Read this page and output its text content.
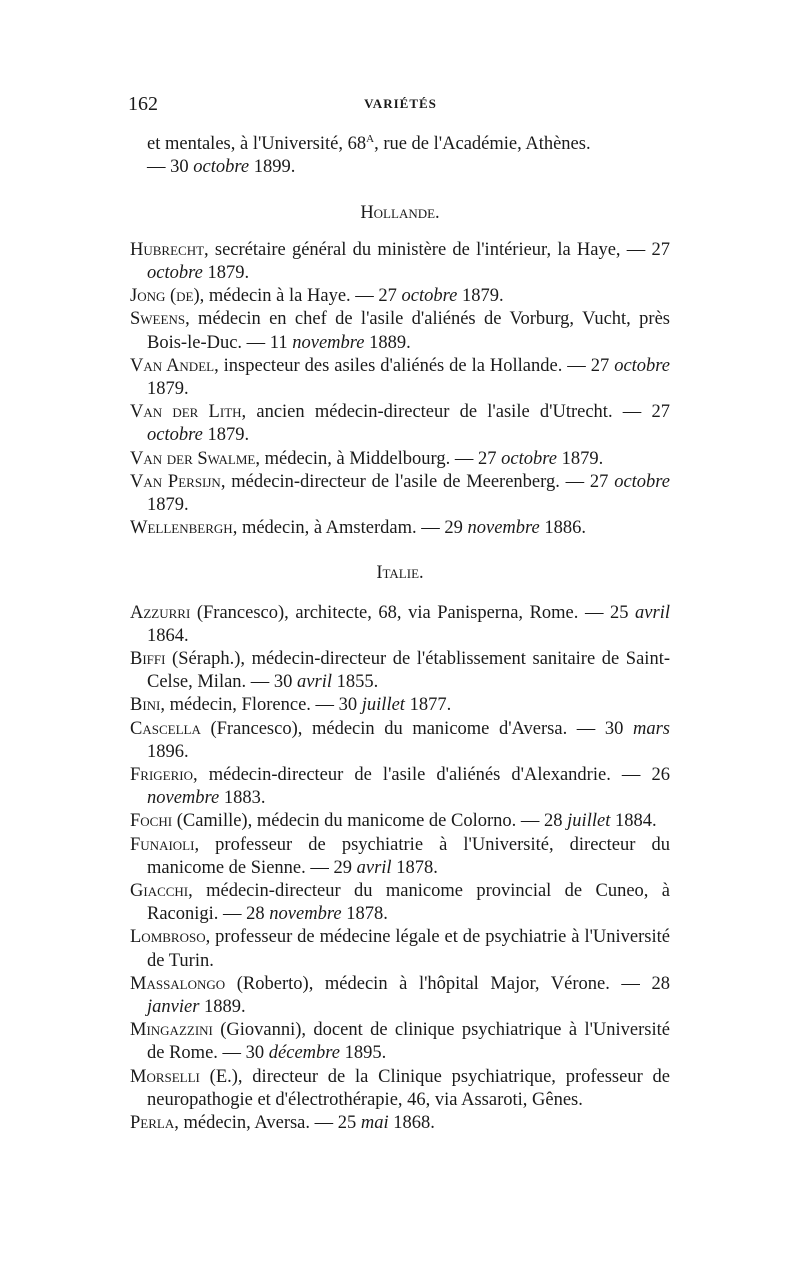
162	VARIÉTÉS

et mentales, à l'Université, $68^A$, rue de l'Académie, Athènes.
— 30 octobre 1899.

Hollande.

Hubrecht, secrétaire général du ministère de l'intérieur, la Haye, — 27 octobre 1879.

Jong (de), médecin à la Haye. — 27 octobre 1879.

Sweens, médecin en chef de l'asile d'aliénés de Vorburg, Vucht, près Bois-le-Duc. — 11 novembre 1889.

Van Andel, inspecteur des asiles d'aliénés de la Hollande. — 27 octobre 1879.

Van der Lith, ancien médecin-directeur de l'asile d'Utrecht. — 27 octobre 1879.

Van der Swalme, médecin, à Middelbourg. — 27 octobre 1879.

Van Persijn, médecin-directeur de l'asile de Meerenberg. — 27 octobre 1879.

Wellenbergh, médecin, à Amsterdam. — 29 novembre 1886.

Italie.

Azzurri (Francesco), architecte, 68, via Panisperna, Rome. — 25 avril 1864.

Biffi (Séraph.), médecin-directeur de l'établissement sanitaire de Saint-Celse, Milan. — 30 avril 1855.

Bini, médecin, Florence. — 30 juillet 1877.

Cascella (Francesco), médecin du manicome d'Aversa. — 30 mars 1896.

Frigerio, médecin-directeur de l'asile d'aliénés d'Alexandrie. — 26 novembre 1883.

Fochi (Camille), médecin du manicome de Colorno. — 28 juillet 1884.

Funaioli, professeur de psychiatrie à l'Université, directeur du manicome de Sienne. — 29 avril 1878.

Giacchi, médecin-directeur du manicome provincial de Cuneo, à Raconigi. — 28 novembre 1878.

Lombroso, professeur de médecine légale et de psychiatrie à l'Université de Turin.

Massalongo (Roberto), médecin à l'hôpital Major, Vérone. — 28 janvier 1889.

Mingazzini (Giovanni), docent de clinique psychiatrique à l'Université de Rome. — 30 décembre 1895.

Morselli (E.), directeur de la Clinique psychiatrique, professeur de neuropathogie et d'électrothérapie, 46, via Assaroti, Gênes.

Perla, médecin, Aversa. — 25 mai 1868.
